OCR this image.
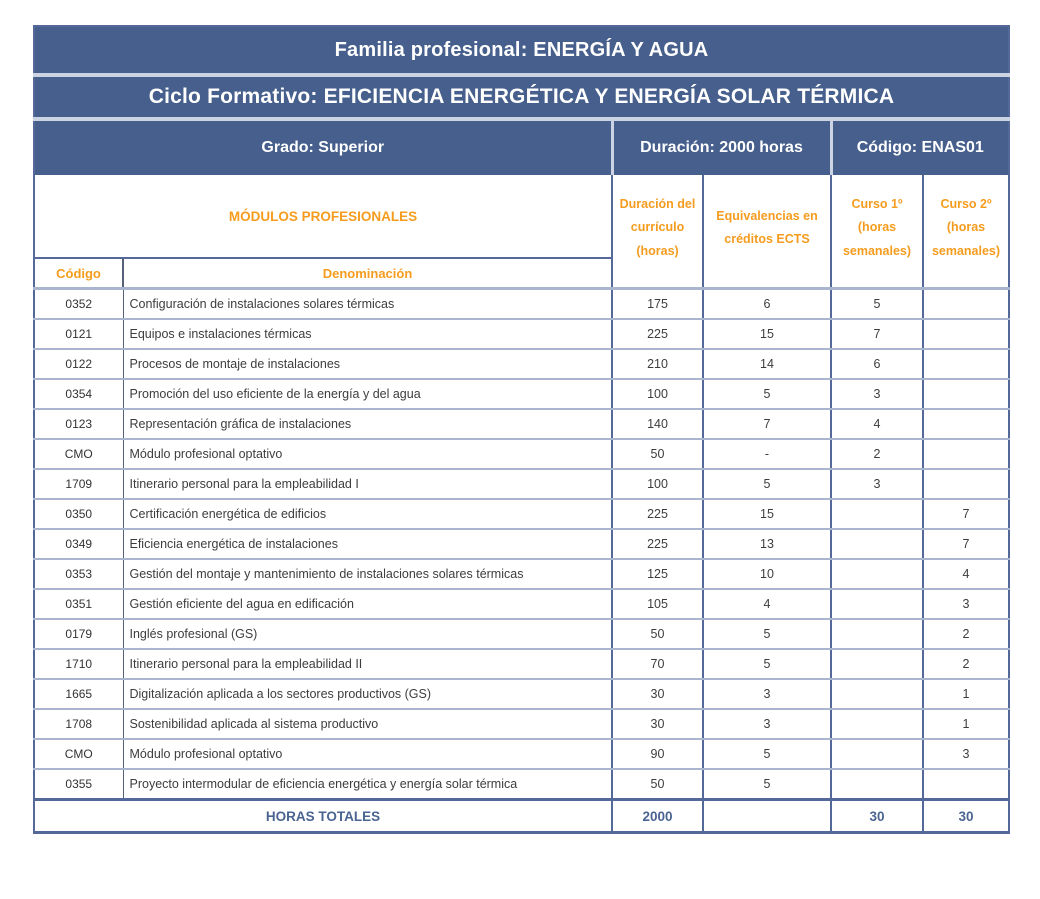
Familia profesional: ENERGÍA Y AGUA					
Ciclo Formativo: EFICIENCIA ENERGÉTICA Y ENERGÍA SOLAR TÉRMICA					
Grado: Superior		Duración: 2000 horas		Código: ENAS01	
MÓDULOS PROFESIONALES		Duración del currículo (horas)	Equivalencias en créditos ECTS	Curso 1º (horas semanales)	Curso 2º (horas semanales)
Código	Denominación				
0352	Configuración de instalaciones solares térmicas	175	6	5	
0121	Equipos e instalaciones térmicas	225	15	7	
0122	Procesos de montaje de instalaciones	210	14	6	
0354	Promoción del uso eficiente de la energía y del agua	100	5	3	
0123	Representación gráfica de instalaciones	140	7	4	
CMO	Módulo profesional optativo	50	-	2	
1709	Itinerario personal para la empleabilidad I	100	5	3	
0350	Certificación energética de edificios	225	15		7
0349	Eficiencia energética de instalaciones	225	13		7
0353	Gestión del montaje y mantenimiento de instalaciones solares térmicas	125	10		4
0351	Gestión eficiente del agua en edificación	105	4		3
0179	Inglés profesional (GS)	50	5		2
1710	Itinerario personal para la empleabilidad II	70	5		2
1665	Digitalización aplicada a los sectores productivos (GS)	30	3		1
1708	Sostenibilidad aplicada al sistema productivo	30	3		1
CMO	Módulo profesional optativo	90	5		3
0355	Proyecto intermodular de eficiencia energética y energía solar térmica	50	5		
HORAS TOTALES		2000		30	30
